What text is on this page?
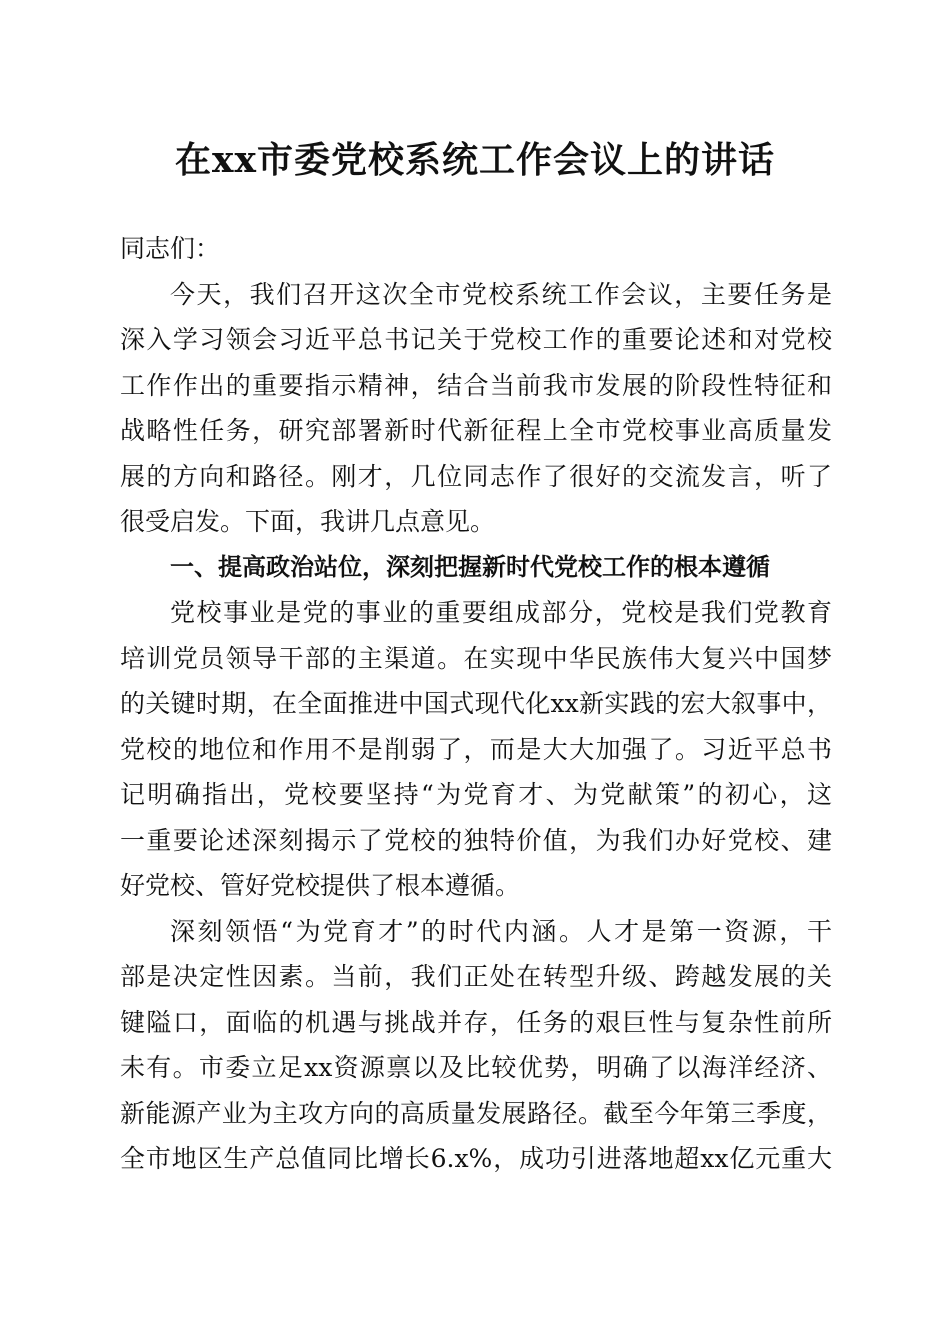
在xx市委党校系统工作会议上的讲话
同志们：
今天，我们召开这次全市党校系统工作会议，主要任务是
深入学习领会习近平总书记关于党校工作的重要论述和对党校
工作作出的重要指示精神，结合当前我市发展的阶段性特征和
战略性任务，研究部署新时代新征程上全市党校事业高质量发
展的方向和路径。刚才，几位同志作了很好的交流发言，听了
很受启发。下面，我讲几点意见。
一、提高政治站位，深刻把握新时代党校工作的根本遵循
党校事业是党的事业的重要组成部分，党校是我们党教育
培训党员领导干部的主渠道。在实现中华民族伟大复兴中国梦
的关键时期，在全面推进中国式现代化xx新实践的宏大叙事中，
党校的地位和作用不是削弱了，而是大大加强了。习近平总书
记明确指出，党校要坚持“为党育才、为党献策”的初心，这
一重要论述深刻揭示了党校的独特价值，为我们办好党校、建
好党校、管好党校提供了根本遵循。
深刻领悟“为党育才”的时代内涵。人才是第一资源，干
部是决定性因素。当前，我们正处在转型升级、跨越发展的关
键隘口，面临的机遇与挑战并存，任务的艰巨性与复杂性前所
未有。市委立足xx资源禀以及比较优势，明确了以海洋经济、
新能源产业为主攻方向的高质量发展路径。截至今年第三季度，
全市地区生产总值同比增长6.x%，成功引进落地超xx亿元重大
